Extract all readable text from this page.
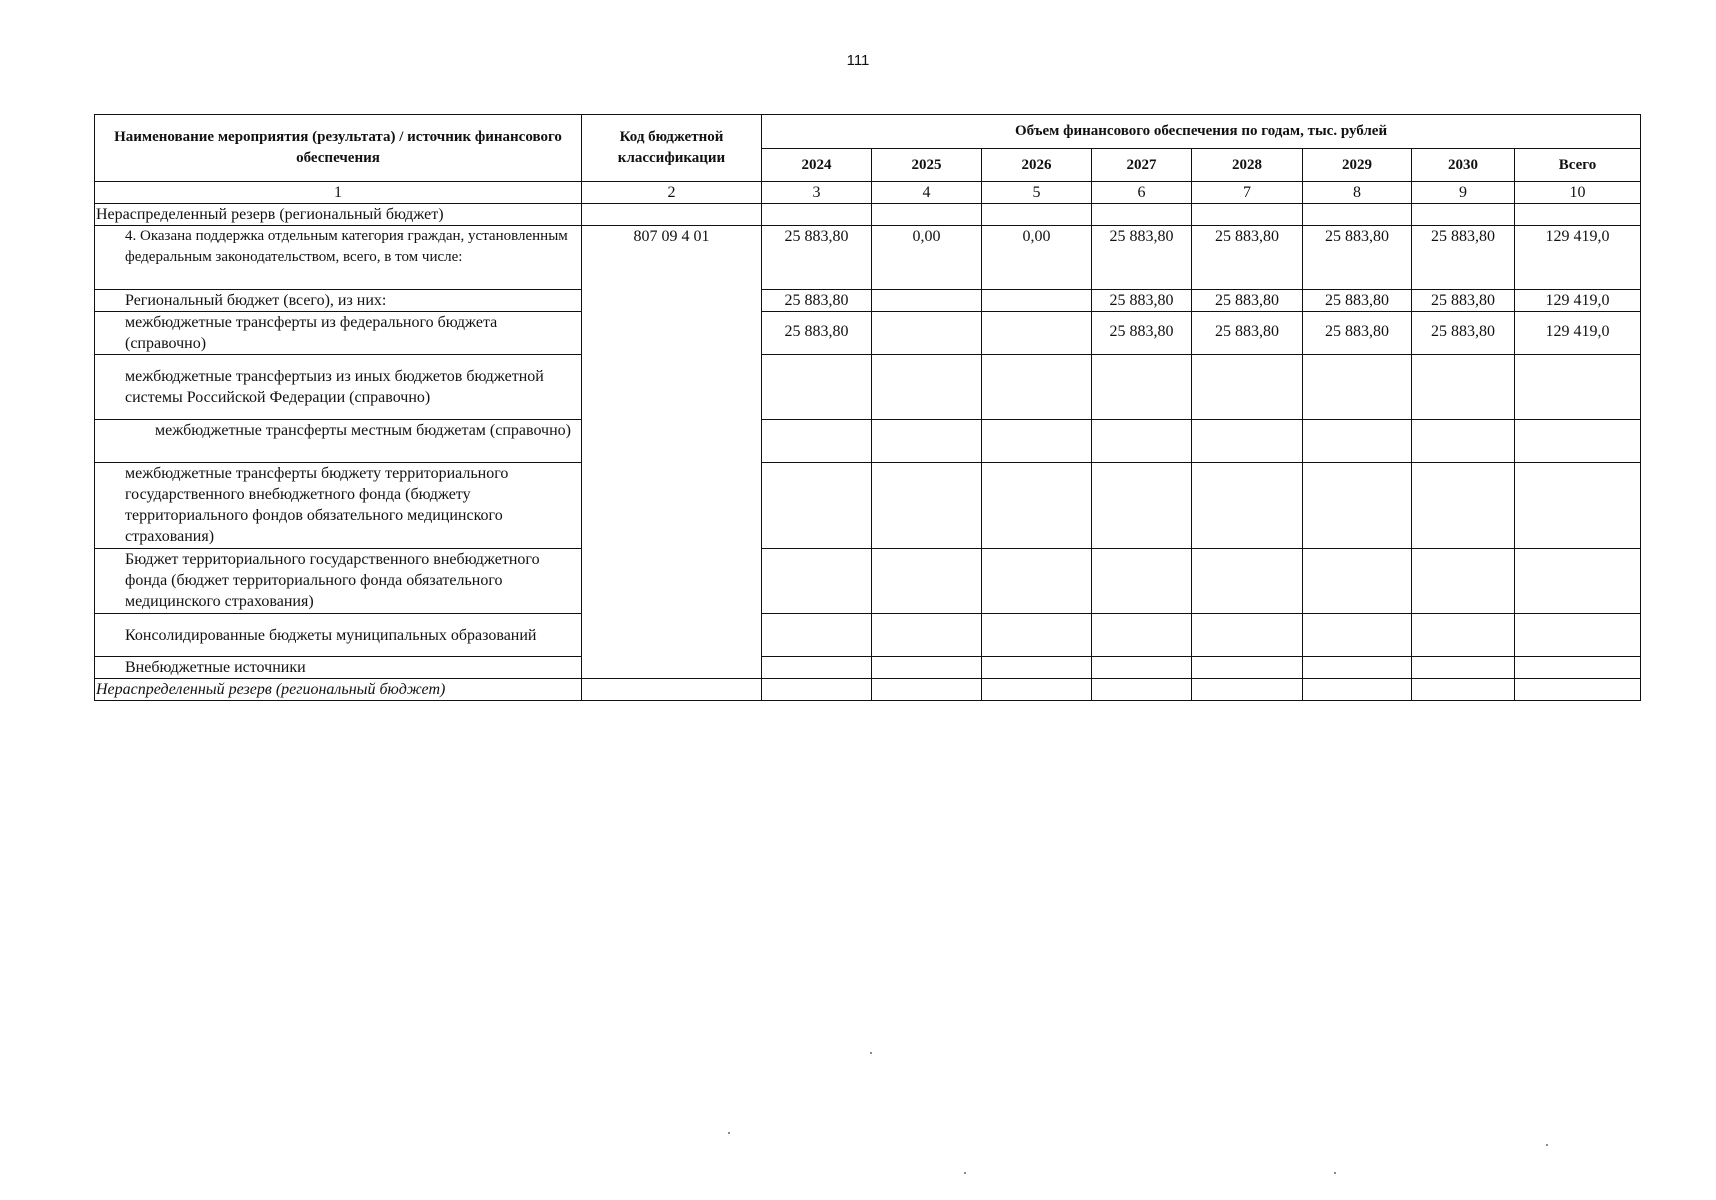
111
Наименование мероприятия (результата) / источник финансового обеспечения	Код бюджетной классификации	Объем финансового обеспечения по годам, тыс. рублей							
		2024	2025	2026	2027	2028	2029	2030	Всего
1	2	3	4	5	6	7	8	9	10
Нераспределенный резерв (региональный бюджет)									
4. Оказана поддержка отдельным категория граждан, установленным федеральным законодательством, всего, в том числе:	807 09 4 01	25 883,80	0,00	0,00	25 883,80	25 883,80	25 883,80	25 883,80	129 419,0
Региональный бюджет (всего), из них:		25 883,80			25 883,80	25 883,80	25 883,80	25 883,80	129 419,0
межбюджетные трансферты из федерального бюджета (справочно)		25 883,80			25 883,80	25 883,80	25 883,80	25 883,80	129 419,0
межбюджетные трансфертыиз из иных бюджетов бюджетной системы Российской Федерации (справочно)									
межбюджетные трансферты местным бюджетам (справочно)									
межбюджетные трансферты бюджету территориального государственного внебюджетного фонда (бюджету территориального фондов обязательного медицинского страхования)									
Бюджет территориального государственного внебюджетного фонда (бюджет территориального фонда обязательного медицинского страхования)									
Консолидированные бюджеты муниципальных образований									
Внебюджетные источники									
Нераспределенный резерв (региональный бюджет)									
